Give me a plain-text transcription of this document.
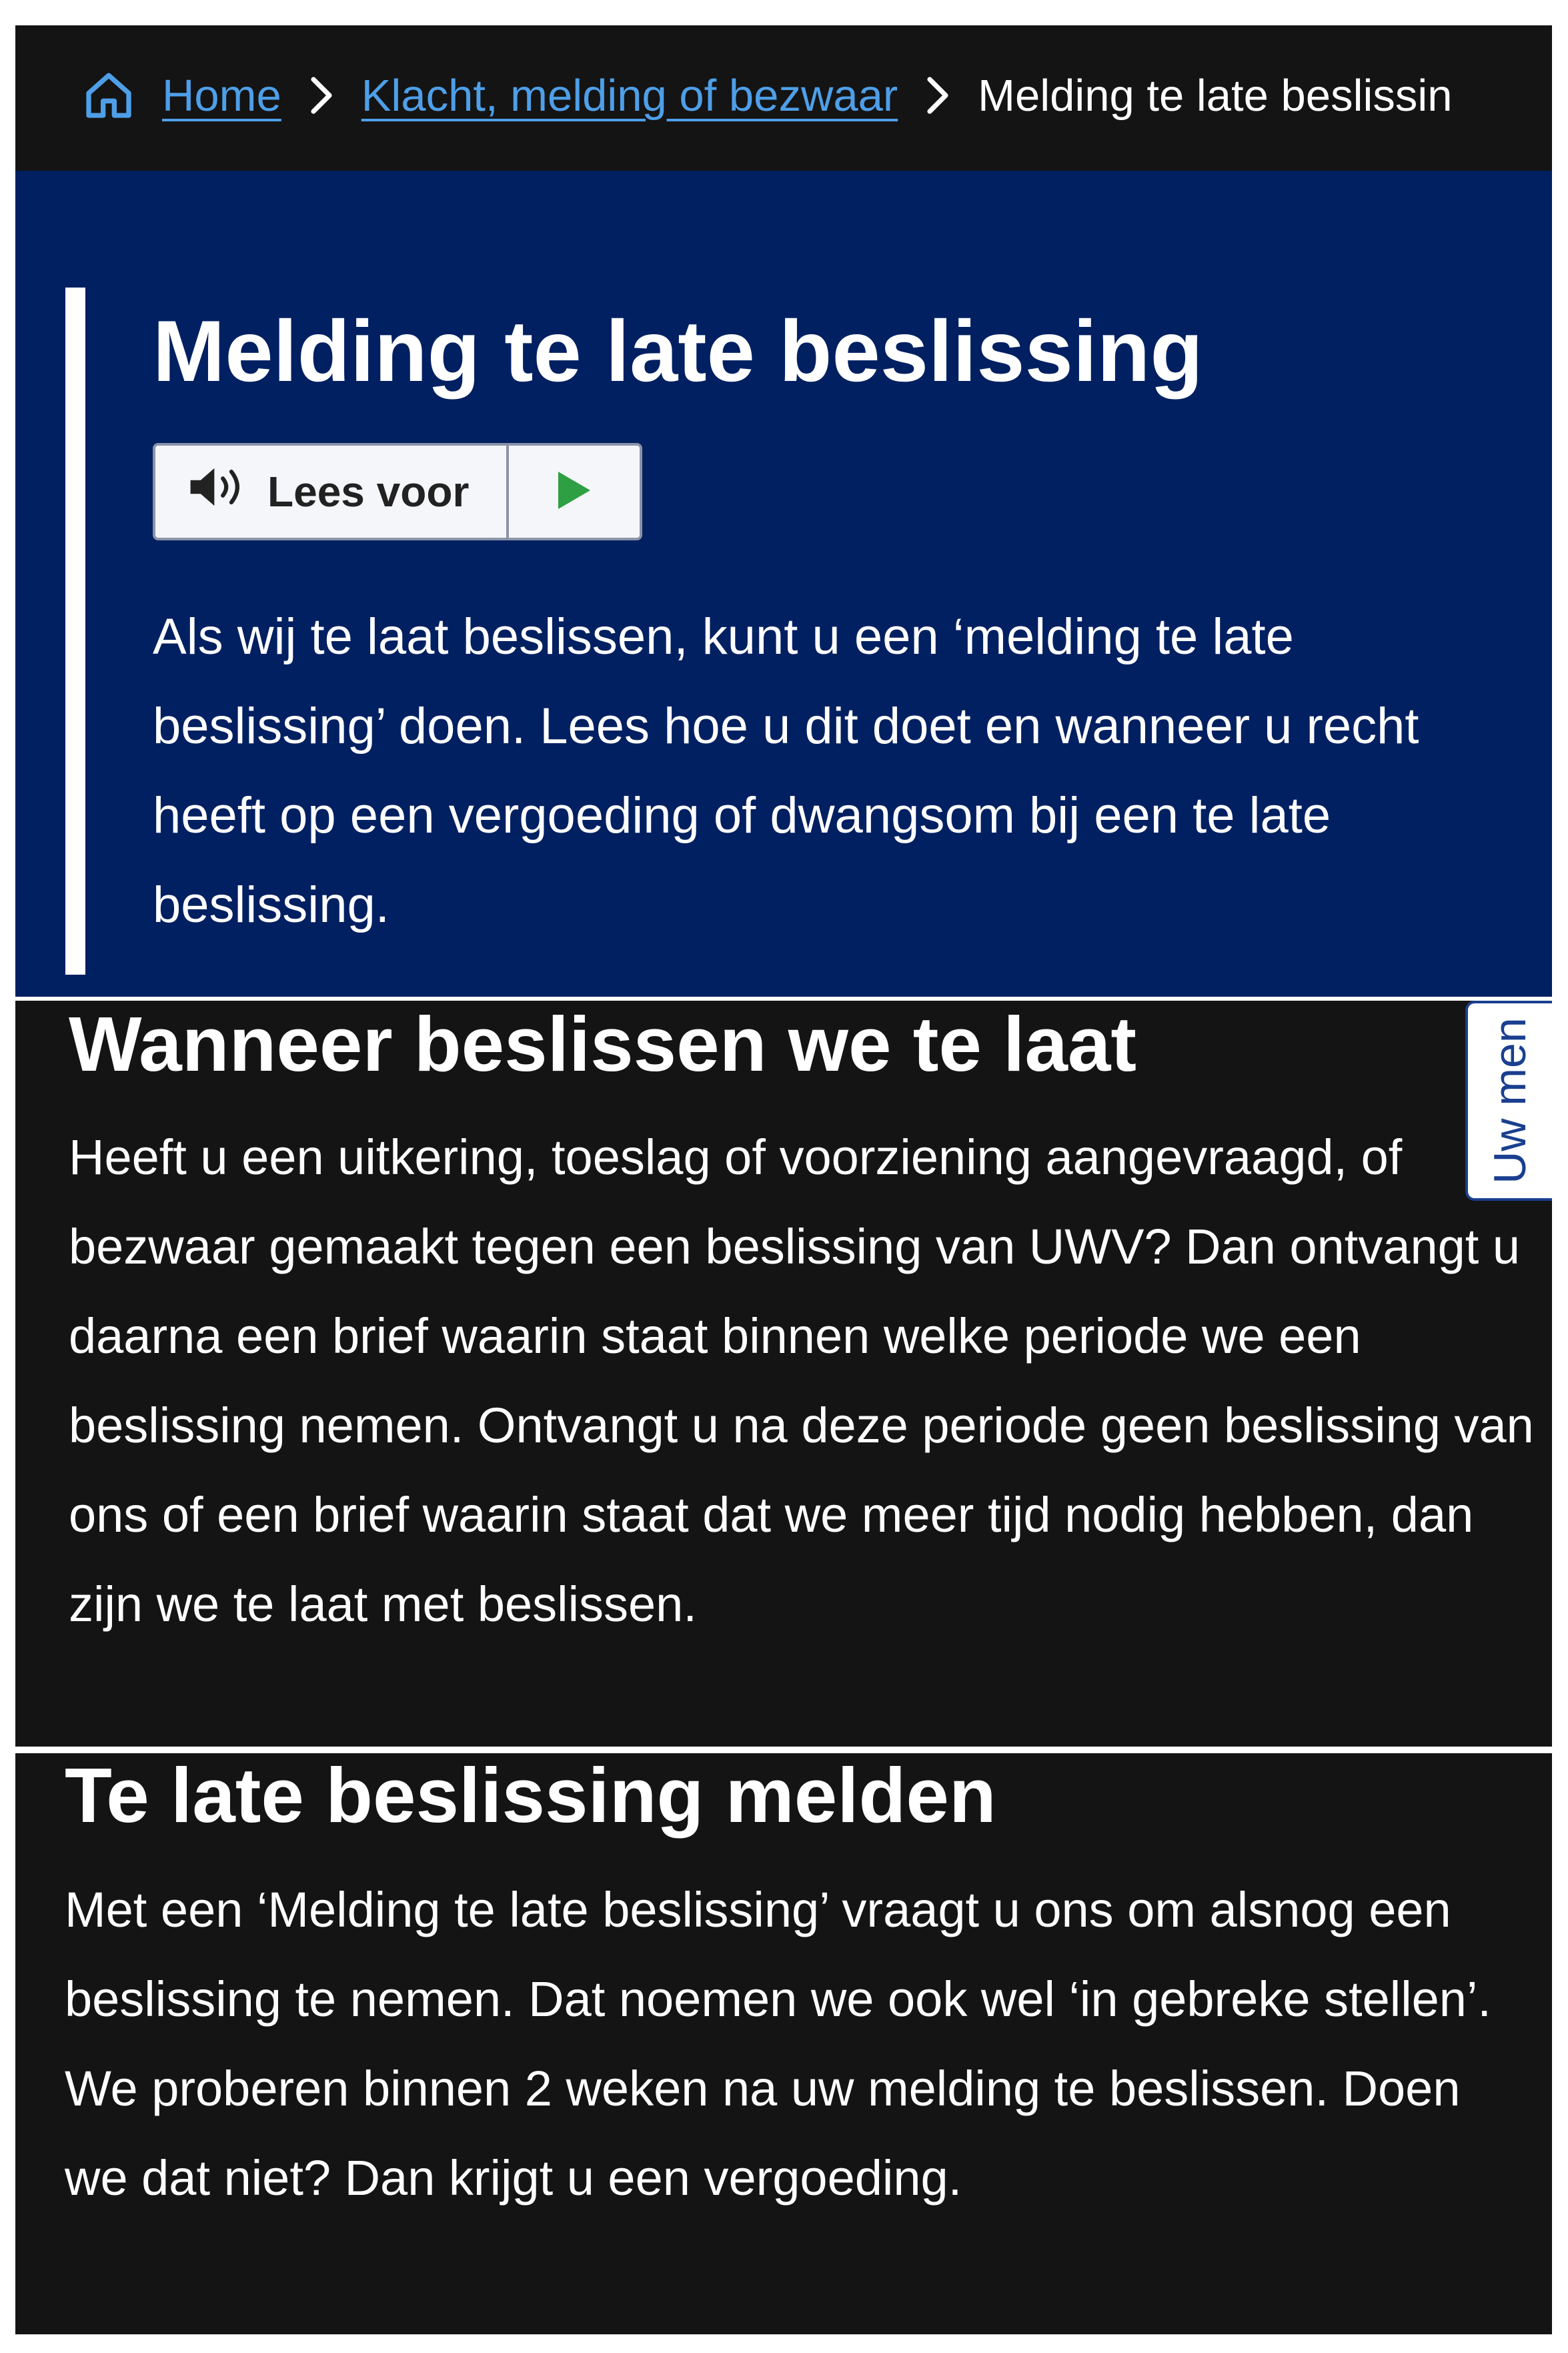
Home Klacht, melding of bezwaar Melding te late beslissin
Melding te late beslissing
Lees voor

Als wij te laat beslissen, kunt u een ‘melding te late beslissing’ doen. Lees hoe u dit doet en wanneer u recht heeft op een vergoeding of dwangsom bij een te late beslissing.

Wanneer beslissen we te laat

Heeft u een uitkering, toeslag of voorziening aangevraagd, of bezwaar gemaakt tegen een beslissing van UWV? Dan ontvangt u daarna een brief waarin staat binnen welke periode we een beslissing nemen. Ontvangt u na deze periode geen beslissing van ons of een brief waarin staat dat we meer tijd nodig hebben, dan zijn we te laat met beslissen.

Uw men
Te late beslissing melden

Met een ‘Melding te late beslissing’ vraagt u ons om alsnog een beslissing te nemen. Dat noemen we ook wel ‘in gebreke stellen’. We proberen binnen 2 weken na uw melding te beslissen. Doen we dat niet? Dan krijgt u een vergoeding.
